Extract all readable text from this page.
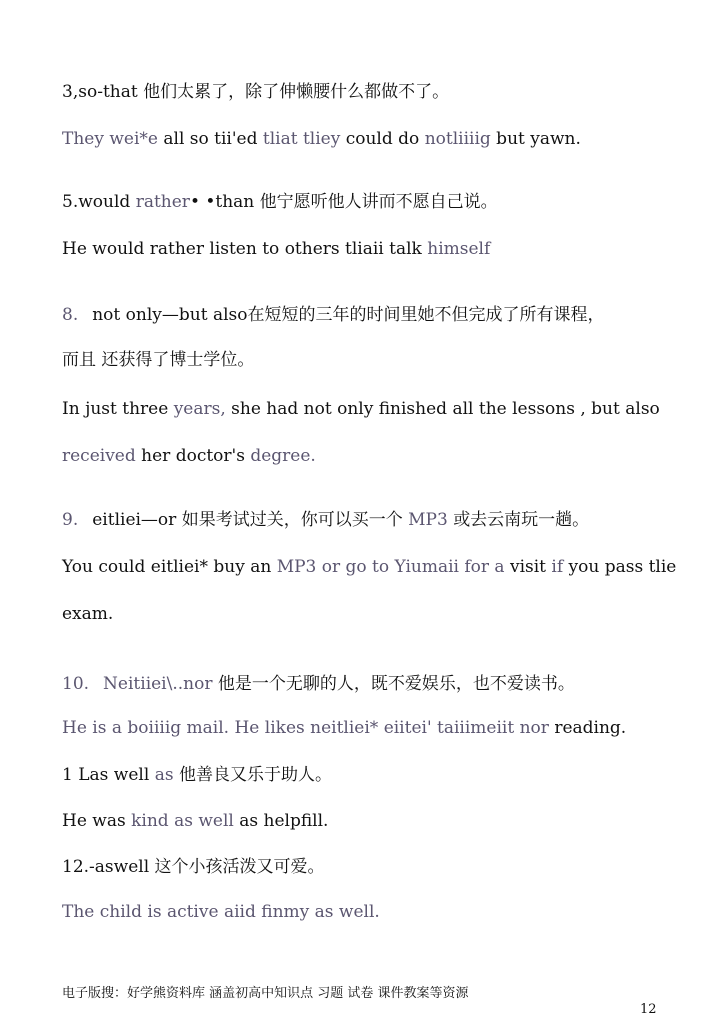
3,so-that 他们太累了，除了伸懒腰什么都做不了。
They wei*e all so tii'ed tliat tliey could do notliiiig but yawn.
5.would rather• •than 他宁愿听他人讲而不愿自己说。
He would rather listen to others tliaii talk himself
8. not only—but also在短短的三年的时间里她不但完成了所有课程，
而且 还获得了博士学位。
In just three years, she had not only finished all the lessons , but also
received her doctor's degree.
9. eitliei—or 如果考试过关，你可以买一个 MP3 或去云南玩一趟。
You could eitliei* buy an MP3 or go to Yiumaii for a visit if you pass tlie
exam.
10. Neitiiei\..nor 他是一个无聊的人，既不爱娱乐，也不爱读书。
He is a boiiiig mail. He likes neitliei* eiitei' taiiimeiit nor reading.
1 Las well as 他善良又乐于助人。
He was kind as well as helpfill.
12.-aswell 这个小孩活泼又可爱。
The child is active aiid finmy as well.
电子版搜：好学熊资料库 涵盖初高中知识点 习题 试卷 课件教案等资源
12
